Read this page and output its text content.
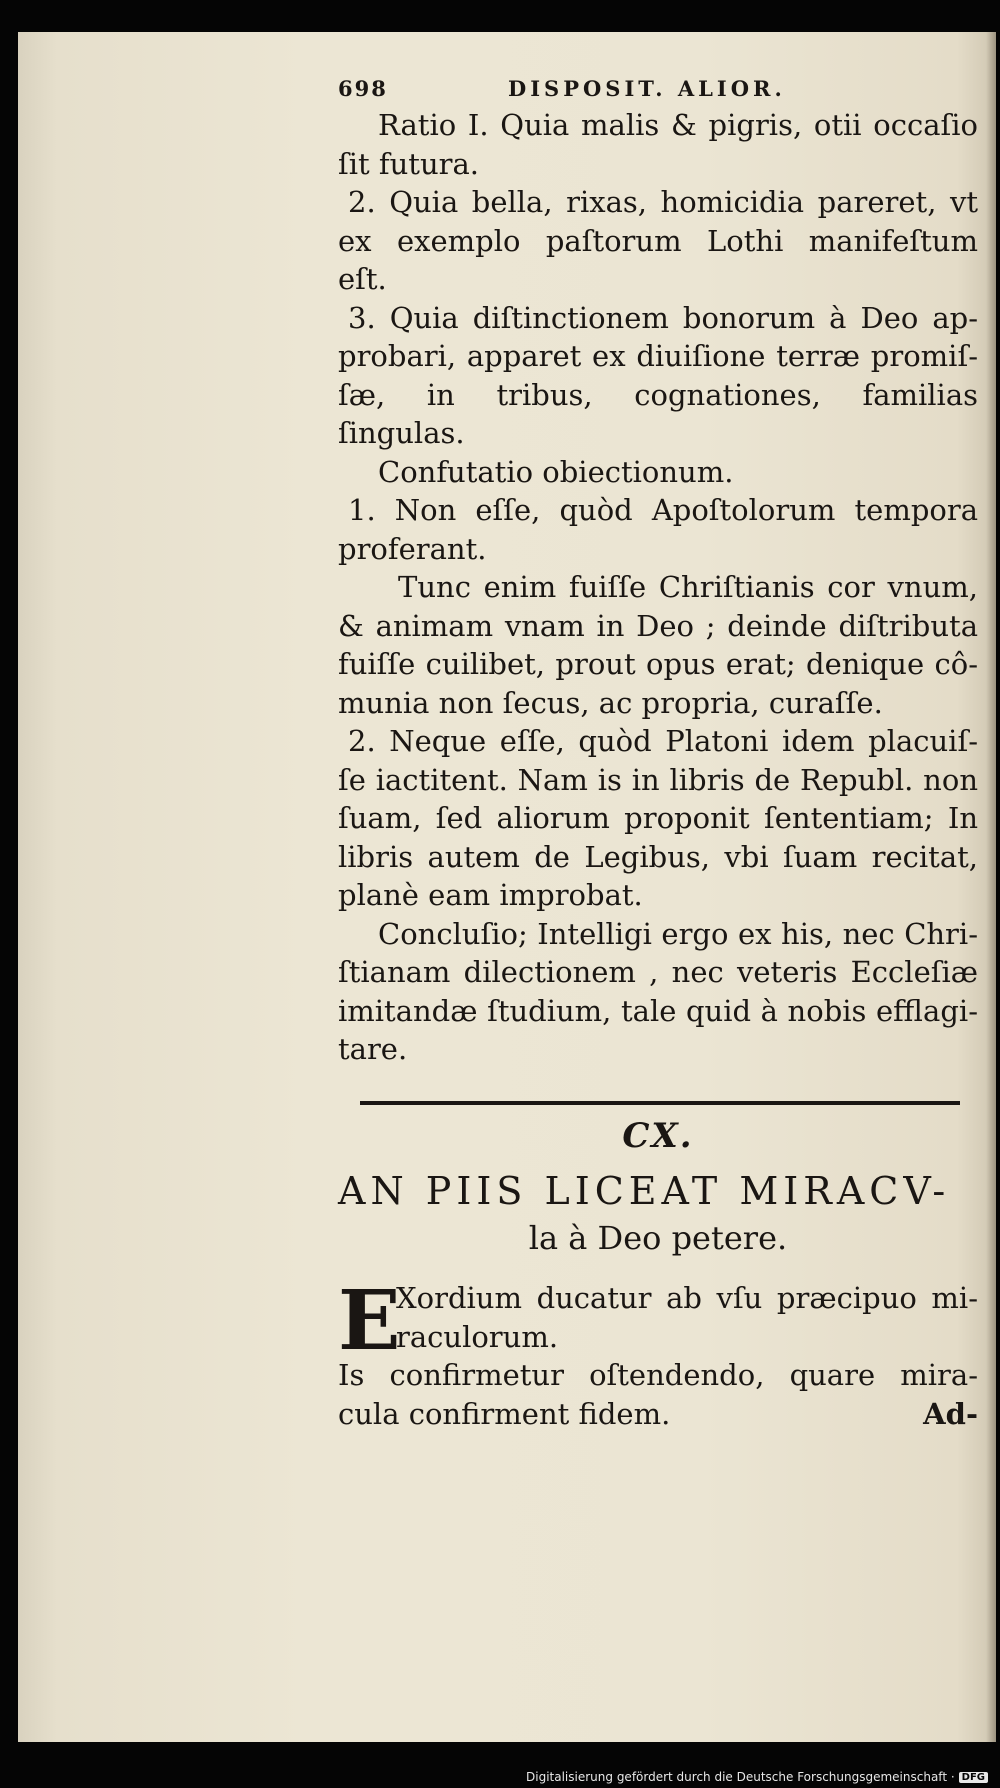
698	DISPOSIT. ALIOR.
Ratio I. Quia malis & pigris, otii occaſio
ſit futura.
2. Quia bella, rixas, homicidia pareret, vt
ex exemplo paſtorum Lothi manifeſtum
eſt.
3. Quia diſtinctionem bonorum à Deo ap-
probari, apparet ex diuiſione terræ promiſ-
ſæ, in tribus, cognationes, familias ſingulas.
Confutatio obiectionum.
1. Non eſſe, quòd Apoſtolorum tempora
proferant.
Tunc enim fuiſſe Chriſtianis cor vnum,
& animam vnam in Deo ; deinde diſtributa
fuiſſe cuilibet, prout opus erat; denique cô-
munia non ſecus, ac propria, curaſſe.
2. Neque eſſe, quòd Platoni idem placuiſ-
ſe iactitent. Nam is in libris de Republ. non
ſuam, ſed aliorum proponit ſententiam; In
libris autem de Legibus, vbi ſuam recitat,
planè eam improbat.
Concluſio; Intelligi ergo ex his, nec Chri-
ſtianam dilectionem , nec veteris Eccleſiæ
imitandæ ſtudium, tale quid à nobis efflagi-
tare.
CX.
AN PIIS LICEAT MIRACV-
la à Deo petere.
E
Xordium ducatur ab vſu præcipuo mi-
raculorum.
Is confirmetur oſtendendo, quare mira-
cula confirment fidem.	Ad-
Digitalisierung gefördert durch die Deutsche Forschungsgemeinschaft · DFG
